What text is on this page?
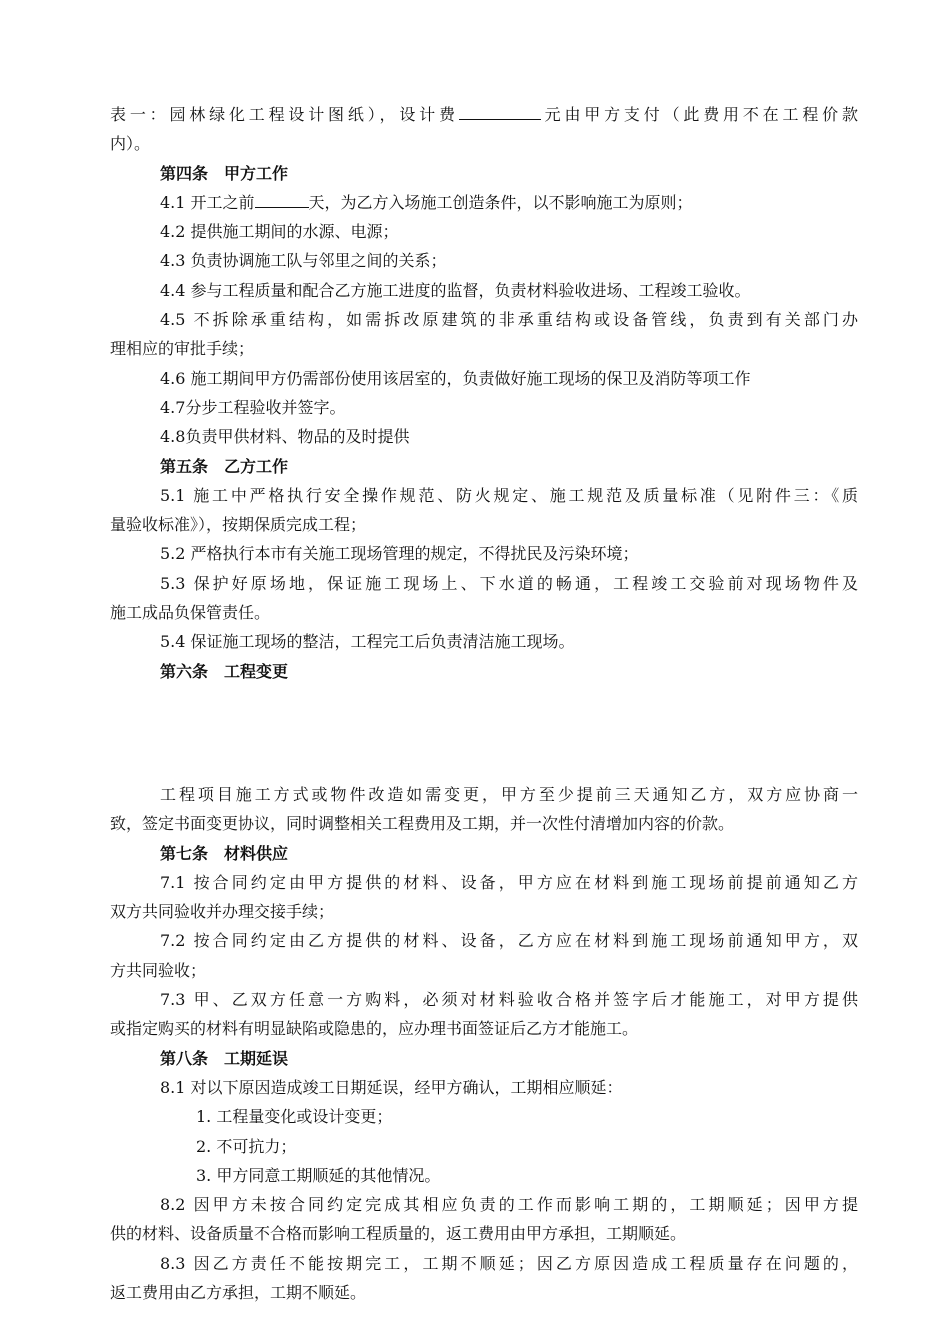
表一：园林绿化工程设计图纸），设计费	元由甲方支付（此费用不在工程价款
内）。
第四条　甲方工作
4.1 开工之前	天，为乙方入场施工创造条件，以不影响施工为原则；
4.2 提供施工期间的水源、电源；
4.3 负责协调施工队与邻里之间的关系；
4.4 参与工程质量和配合乙方施工进度的监督，负责材料验收进场、工程竣工验收。
4.5 不拆除承重结构，如需拆改原建筑的非承重结构或设备管线，负责到有关部门办
理相应的审批手续；
4.6 施工期间甲方仍需部份使用该居室的，负责做好施工现场的保卫及消防等项工作
4.7分步工程验收并签字。
4.8负责甲供材料、物品的及时提供
第五条　乙方工作
5.1 施工中严格执行安全操作规范、防火规定、施工规范及质量标准（见附件三：《质
量验收标准》），按期保质完成工程；
5.2 严格执行本市有关施工现场管理的规定，不得扰民及污染环境；
5.3 保护好原场地，保证施工现场上、下水道的畅通，工程竣工交验前对现场物件及
施工成品负保管责任。
5.4 保证施工现场的整洁，工程完工后负责清洁施工现场。
第六条　工程变更
工程项目施工方式或物件改造如需变更，甲方至少提前三天通知乙方，双方应协商一
致，签定书面变更协议，同时调整相关工程费用及工期，并一次性付清增加内容的价款。
第七条　材料供应
7.1 按合同约定由甲方提供的材料、设备，甲方应在材料到施工现场前提前通知乙方
双方共同验收并办理交接手续；
7.2 按合同约定由乙方提供的材料、设备，乙方应在材料到施工现场前通知甲方，双
方共同验收；
7.3 甲、乙双方任意一方购料，必须对材料验收合格并签字后才能施工，对甲方提供
或指定购买的材料有明显缺陷或隐患的，应办理书面签证后乙方才能施工。
第八条　工期延误
8.1 对以下原因造成竣工日期延误，经甲方确认，工期相应顺延：
1. 工程量变化或设计变更；
2. 不可抗力；
3. 甲方同意工期顺延的其他情况。
8.2 因甲方未按合同约定完成其相应负责的工作而影响工期的，工期顺延；因甲方提
供的材料、设备质量不合格而影响工程质量的，返工费用由甲方承担，工期顺延。
8.3 因乙方责任不能按期完工，工期不顺延；因乙方原因造成工程质量存在问题的，
返工费用由乙方承担，工期不顺延。
